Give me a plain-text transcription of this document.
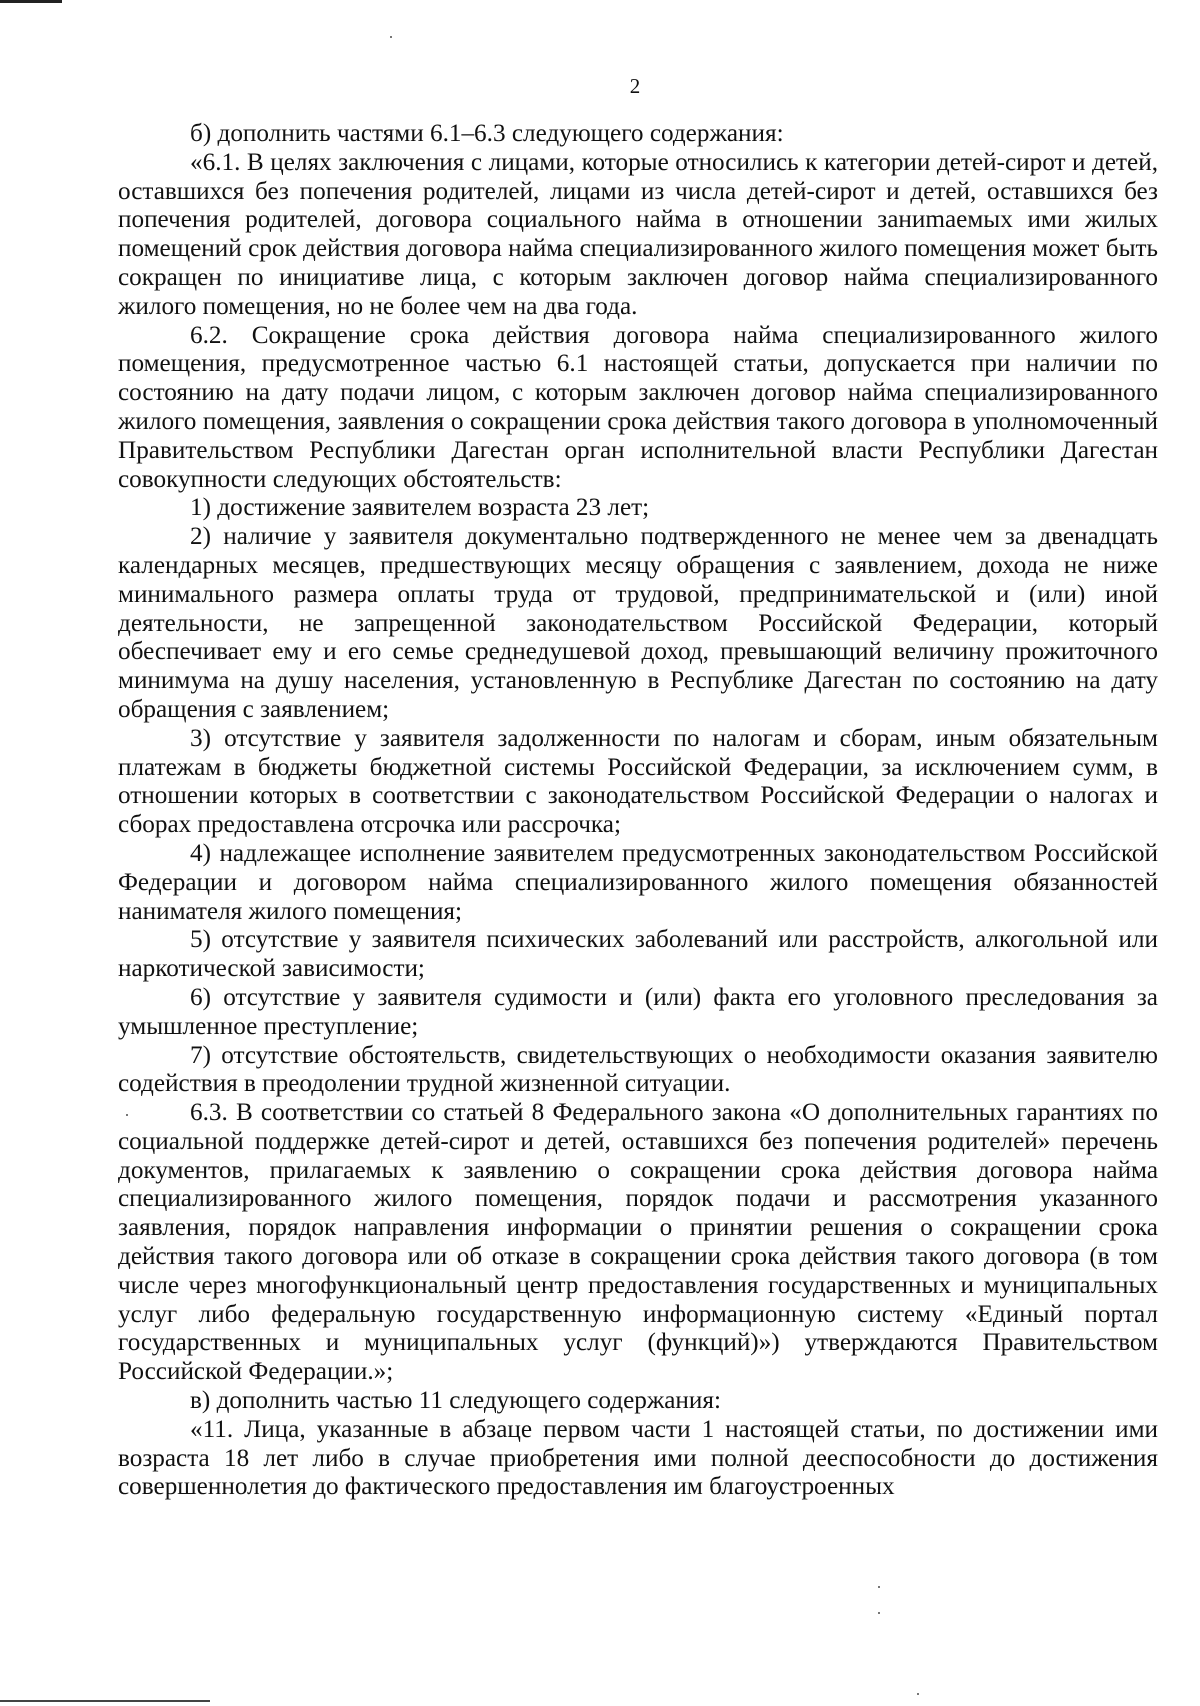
2

б) дополнить частями 6.1–6.3 следующего содержания:

«6.1. В целях заключения с лицами, которые относились к категории детей-сирот и детей, оставшихся без попечения родителей, лицами из числа детей-сирот и детей, оставшихся без попечения родителей, договора социального найма в отношении заниmаемых ими жилых помещений срок действия договора найма специализированного жилого помещения может быть сокращен по инициативе лица, с которым заключен договор найма специализированного жилого помещения, но не более чем на два года.

6.2. Сокращение срока действия договора найма специализированного жилого помещения, предусмотренное частью 6.1 настоящей статьи, допускается при наличии по состоянию на дату подачи лицом, с которым заключен договор найма специализированного жилого помещения, заявления о сокращении срока действия такого договора в уполномоченный Правительством Республики Дагестан орган исполнительной власти Республики Дагестан совокупности следующих обстоятельств:

1) достижение заявителем возраста 23 лет;

2) наличие у заявителя документально подтвержденного не менее чем за двенадцать календарных месяцев, предшествующих месяцу обращения с заявлением, дохода не ниже минимального размера оплаты труда от трудовой, предпринимательской и (или) иной деятельности, не запрещенной законодательством Российской Федерации, который обеспечивает ему и его семье среднедушевой доход, превышающий величину прожиточного минимума на душу населения, установленную в Республике Дагестан по состоянию на дату обращения с заявлением;

3) отсутствие у заявителя задолженности по налогам и сборам, иным обязательным платежам в бюджеты бюджетной системы Российской Федерации, за исключением сумм, в отношении которых в соответствии с законодательством Российской Федерации о налогах и сборах предоставлена отсрочка или рассрочка;

4) надлежащее исполнение заявителем предусмотренных законодательством Российской Федерации и договором найма специализированного жилого помещения обязанностей нанимателя жилого помещения;

5) отсутствие у заявителя психических заболеваний или расстройств, алкогольной или наркотической зависимости;

6) отсутствие у заявителя судимости и (или) факта его уголовного преследования за умышленное преступление;

7) отсутствие обстоятельств, свидетельствующих о необходимости оказания заявителю содействия в преодолении трудной жизненной ситуации.

6.3. В соответствии со статьей 8 Федерального закона «О дополнительных гарантиях по социальной поддержке детей-сирот и детей, оставшихся без попечения родителей» перечень документов, прилагаемых к заявлению о сокращении срока действия договора найма специализированного жилого помещения, порядок подачи и рассмотрения указанного заявления, порядок направления информации о принятии решения о сокращении срока действия такого договора или об отказе в сокращении срока действия такого договора (в том числе через многофункциональный центр предоставления государственных и муниципальных услуг либо федеральную государственную информационную систему «Единый портал государственных и муниципальных услуг (функций)») утверждаются Правительством Российской Федерации.»;

в) дополнить частью 11 следующего содержания:

«11. Лица, указанные в абзаце первом части 1 настоящей статьи, по достижении ими возраста 18 лет либо в случае приобретения ими полной дееспособности до достижения совершеннолетия до фактического предоставления им благоустроенных
